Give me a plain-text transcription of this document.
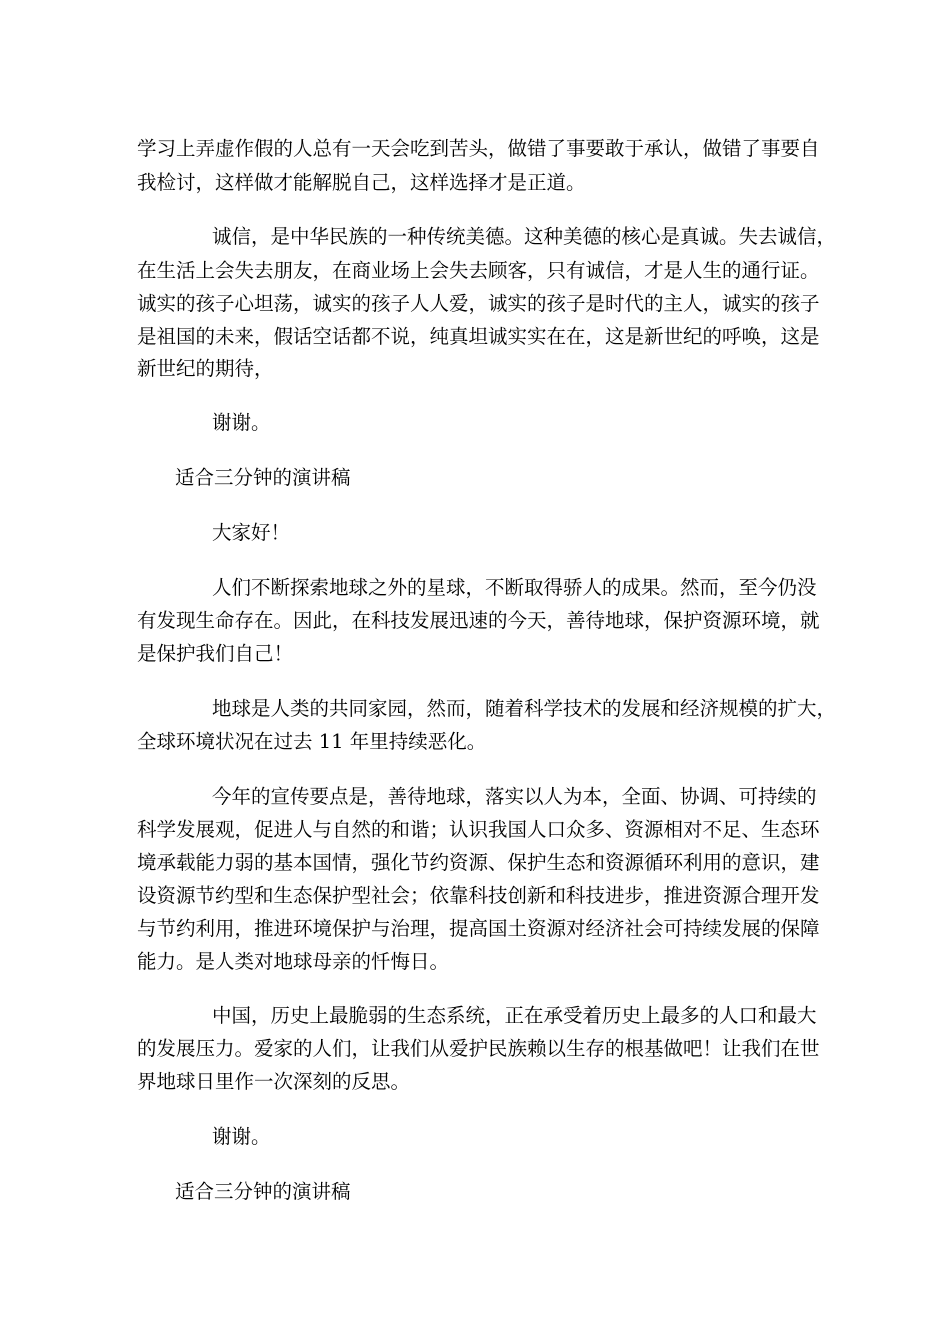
学习上弄虚作假的人总有一天会吃到苦头，做错了事要敢于承认，做错了事要自

我检讨，这样做才能解脱自己，这样选择才是正道。

诚信，是中华民族的一种传统美德。这种美德的核心是真诚。失去诚信，

在生活上会失去朋友，在商业场上会失去顾客，只有诚信，才是人生的通行证。

诚实的孩子心坦荡，诚实的孩子人人爱，诚实的孩子是时代的主人，诚实的孩子

是祖国的未来，假话空话都不说，纯真坦诚实实在在，这是新世纪的呼唤，这是

新世纪的期待，

谢谢。

适合三分钟的演讲稿

大家好！

人们不断探索地球之外的星球，不断取得骄人的成果。然而，至今仍没

有发现生命存在。因此，在科技发展迅速的今天，善待地球，保护资源环境，就

是保护我们自己！

地球是人类的共同家园，然而，随着科学技术的发展和经济规模的扩大，

全球环境状况在过去 11 年里持续恶化。

今年的宣传要点是，善待地球，落实以人为本，全面、协调、可持续的

科学发展观，促进人与自然的和谐；认识我国人口众多、资源相对不足、生态环

境承载能力弱的基本国情，强化节约资源、保护生态和资源循环利用的意识，建

设资源节约型和生态保护型社会；依靠科技创新和科技进步，推进资源合理开发

与节约利用，推进环境保护与治理，提高国土资源对经济社会可持续发展的保障

能力。是人类对地球母亲的忏悔日。

中国，历史上最脆弱的生态系统，正在承受着历史上最多的人口和最大

的发展压力。爱家的人们，让我们从爱护民族赖以生存的根基做吧！让我们在世

界地球日里作一次深刻的反思。

谢谢。

适合三分钟的演讲稿
